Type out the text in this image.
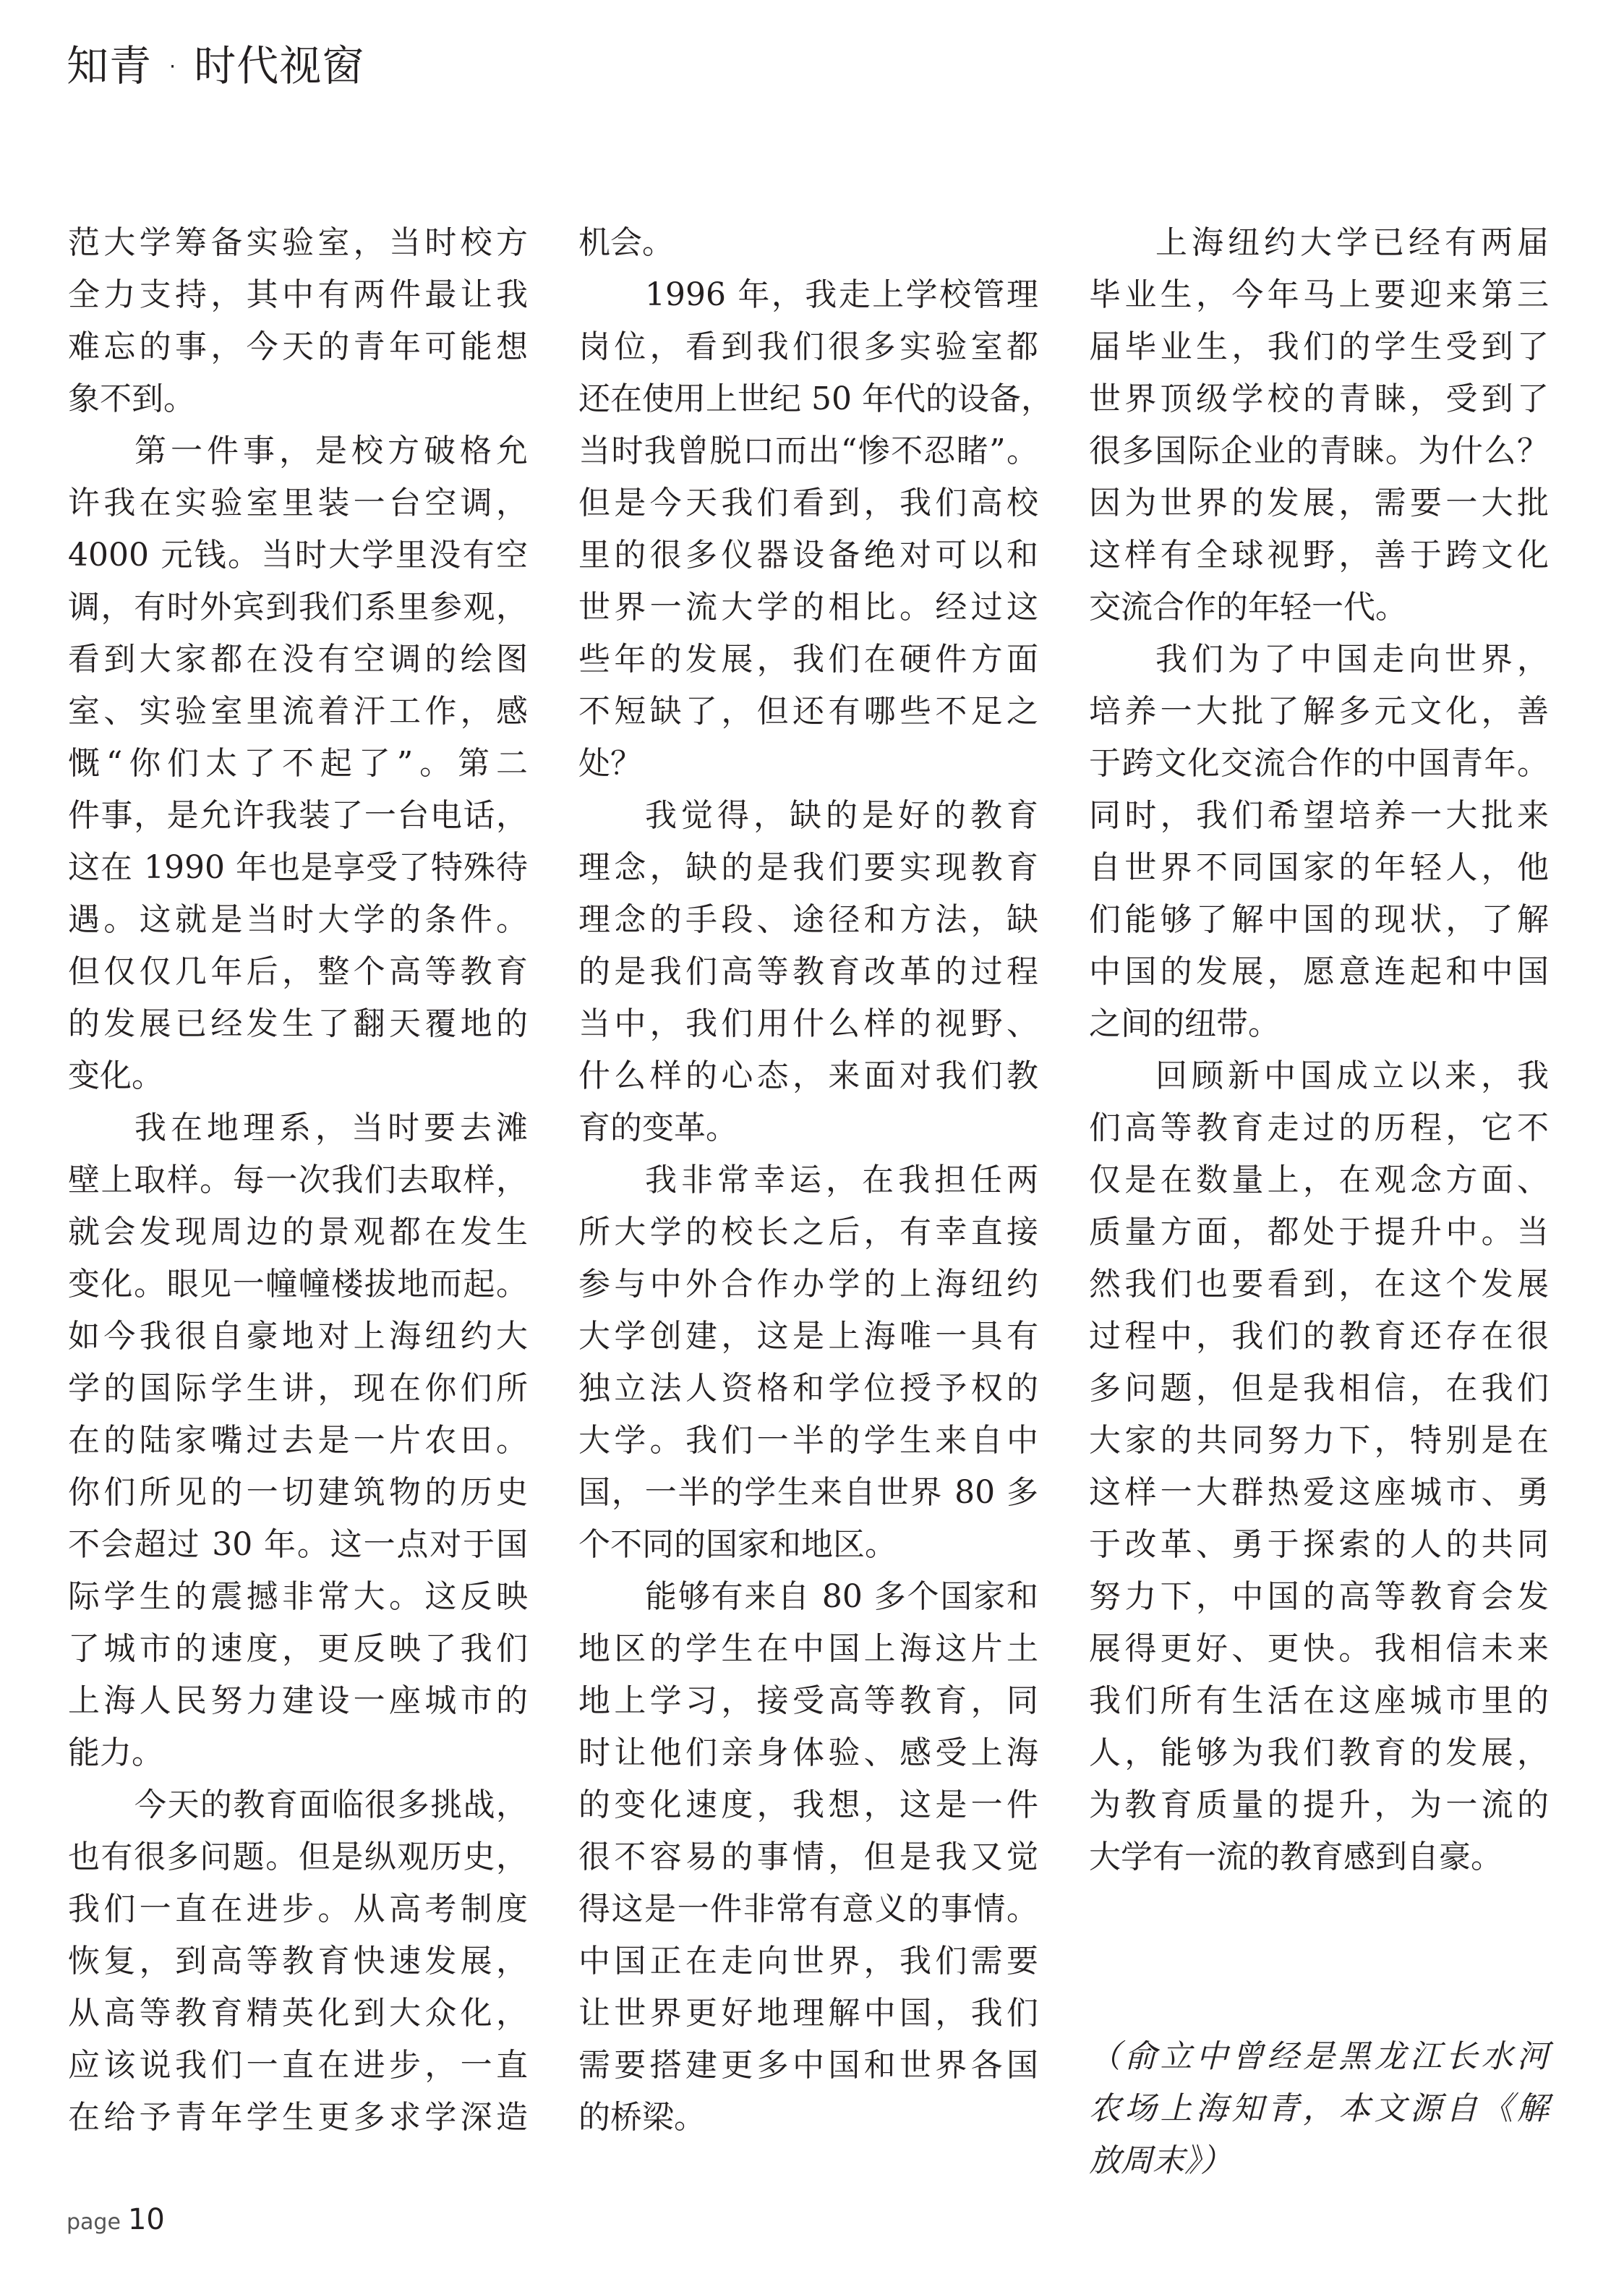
知青 · 时代视窗
范大学筹备实验室，当时校方
全力支持，其中有两件最让我
难忘的事，今天的青年可能想
象不到。
第一件事，是校方破格允
许我在实验室里装一台空调，
4000 元钱。当时大学里没有空
调，有时外宾到我们系里参观，
看到大家都在没有空调的绘图
室、实验室里流着汗工作，感
慨“你们太了不起了”。第二
件事，是允许我装了一台电话，
这在 1990 年也是享受了特殊待
遇。这就是当时大学的条件。
但仅仅几年后，整个高等教育
的发展已经发生了翻天覆地的
变化。
我在地理系，当时要去滩
壁上取样。每一次我们去取样，
就会发现周边的景观都在发生
变化。眼见一幢幢楼拔地而起。
如今我很自豪地对上海纽约大
学的国际学生讲，现在你们所
在的陆家嘴过去是一片农田。
你们所见的一切建筑物的历史
不会超过 30 年。这一点对于国
际学生的震撼非常大。这反映
了城市的速度，更反映了我们
上海人民努力建设一座城市的
能力。
今天的教育面临很多挑战，
也有很多问题。但是纵观历史，
我们一直在进步。从高考制度
恢复，到高等教育快速发展，
从高等教育精英化到大众化，
应该说我们一直在进步，一直
在给予青年学生更多求学深造
机会。
1996 年，我走上学校管理
岗位，看到我们很多实验室都
还在使用上世纪 50 年代的设备，
当时我曾脱口而出“惨不忍睹”。
但是今天我们看到，我们高校
里的很多仪器设备绝对可以和
世界一流大学的相比。经过这
些年的发展，我们在硬件方面
不短缺了，但还有哪些不足之
处？
我觉得，缺的是好的教育
理念，缺的是我们要实现教育
理念的手段、途径和方法，缺
的是我们高等教育改革的过程
当中，我们用什么样的视野、
什么样的心态，来面对我们教
育的变革。
我非常幸运，在我担任两
所大学的校长之后，有幸直接
参与中外合作办学的上海纽约
大学创建，这是上海唯一具有
独立法人资格和学位授予权的
大学。我们一半的学生来自中
国，一半的学生来自世界 80 多
个不同的国家和地区。
能够有来自 80 多个国家和
地区的学生在中国上海这片土
地上学习，接受高等教育，同
时让他们亲身体验、感受上海
的变化速度，我想，这是一件
很不容易的事情，但是我又觉
得这是一件非常有意义的事情。
中国正在走向世界，我们需要
让世界更好地理解中国，我们
需要搭建更多中国和世界各国
的桥梁。
上海纽约大学已经有两届
毕业生，今年马上要迎来第三
届毕业生，我们的学生受到了
世界顶级学校的青睐，受到了
很多国际企业的青睐。为什么？
因为世界的发展，需要一大批
这样有全球视野，善于跨文化
交流合作的年轻一代。
我们为了中国走向世界，
培养一大批了解多元文化，善
于跨文化交流合作的中国青年。
同时，我们希望培养一大批来
自世界不同国家的年轻人，他
们能够了解中国的现状，了解
中国的发展，愿意连起和中国
之间的纽带。
回顾新中国成立以来，我
们高等教育走过的历程，它不
仅是在数量上，在观念方面、
质量方面，都处于提升中。当
然我们也要看到，在这个发展
过程中，我们的教育还存在很
多问题，但是我相信，在我们
大家的共同努力下，特别是在
这样一大群热爱这座城市、勇
于改革、勇于探索的人的共同
努力下，中国的高等教育会发
展得更好、更快。我相信未来
我们所有生活在这座城市里的
人，能够为我们教育的发展，
为教育质量的提升，为一流的
大学有一流的教育感到自豪。
（俞立中曾经是黑龙江长水河
农场上海知青，本文源自《解
放周末》）
page 10
